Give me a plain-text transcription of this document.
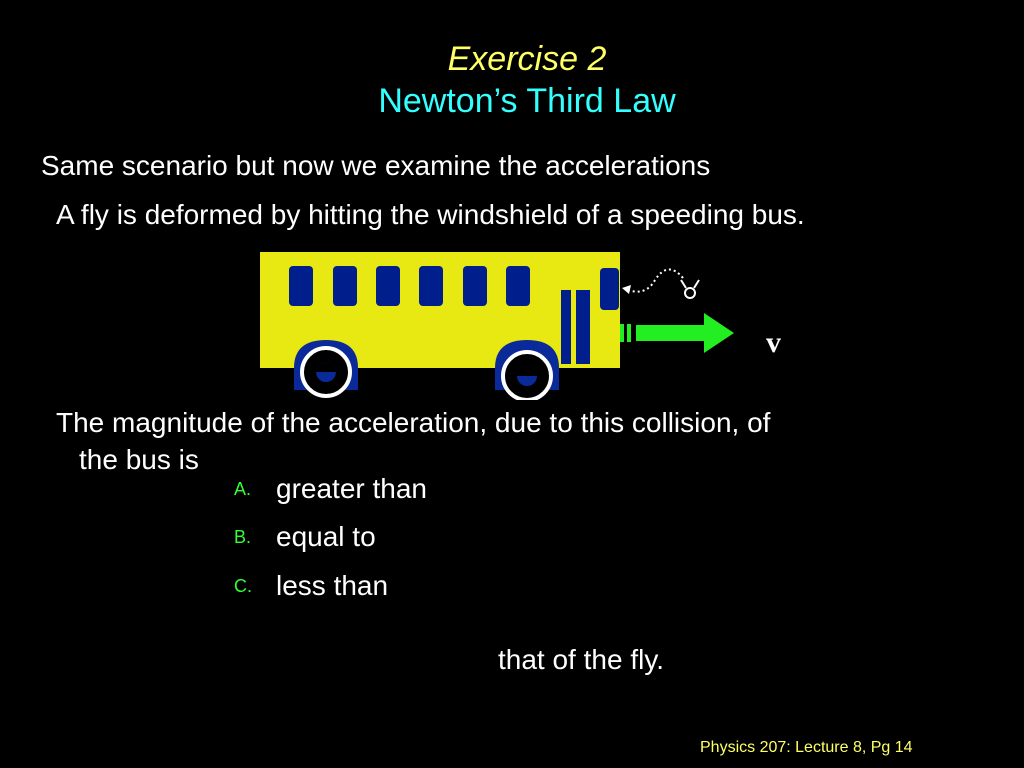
Exercise 2
Newton’s Third Law
Same scenario but now we examine the accelerations
A fly is deformed by hitting the windshield of a speeding bus.
v
The magnitude of the acceleration, due to this collision, of
the bus is
A. greater than
B. equal to
C. less than
that of the fly.
Physics 207: Lecture 8, Pg 14
